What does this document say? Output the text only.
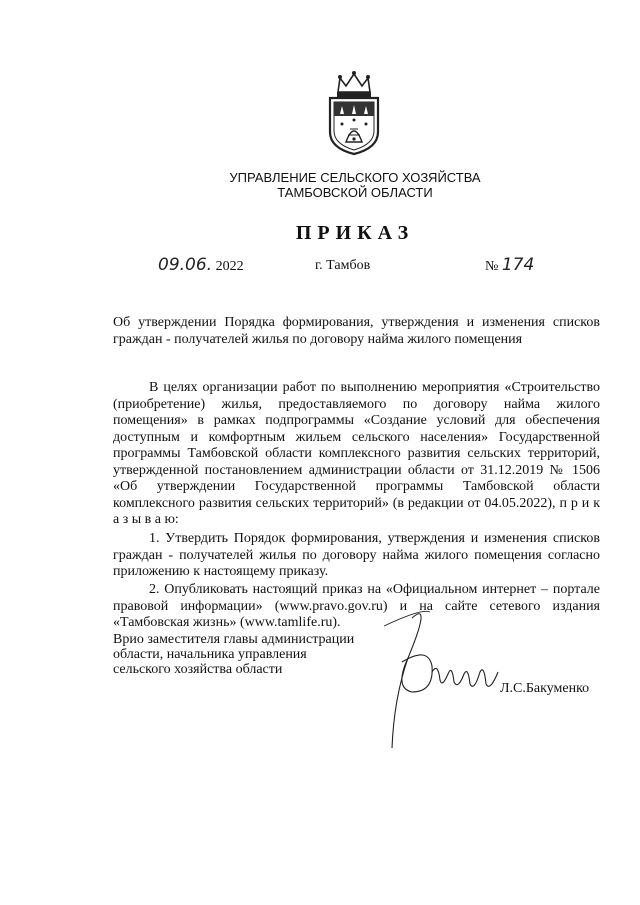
УПРАВЛЕНИЕ СЕЛЬСКОГО ХОЗЯЙСТВА
ТАМБОВСКОЙ ОБЛАСТИ
ПРИКАЗ
09.06. 2022	г. Тамбов	№ 174
Об утверждении Порядка формирования, утверждения и изменения списков граждан - получателей жилья по договору найма жилого помещения
В целях организации работ по выполнению мероприятия «Строительство (приобретение) жилья, предоставляемого по договору найма жилого помещения» в рамках подпрограммы «Создание условий для обеспечения доступным и комфортным жильем сельского населения» Государственной программы Тамбовской области комплексного развития сельских территорий, утвержденной постановлением администрации области от 31.12.2019 № 1506 «Об утверждении Государственной программы Тамбовской области комплексного развития сельских территорий» (в редакции от 04.05.2022), п р и к а з ы в а ю:
1. Утвердить Порядок формирования, утверждения и изменения списков граждан - получателей жилья по договору найма жилого помещения согласно приложению к настоящему приказу.
2. Опубликовать настоящий приказ на «Официальном интернет – портале правовой информации» (www.pravo.gov.ru) и на сайте сетевого издания «Тамбовская жизнь» (www.tamlife.ru).
Врио заместителя главы администрации
области, начальника управления
сельского хозяйства области
Л.С.Бакуменко
